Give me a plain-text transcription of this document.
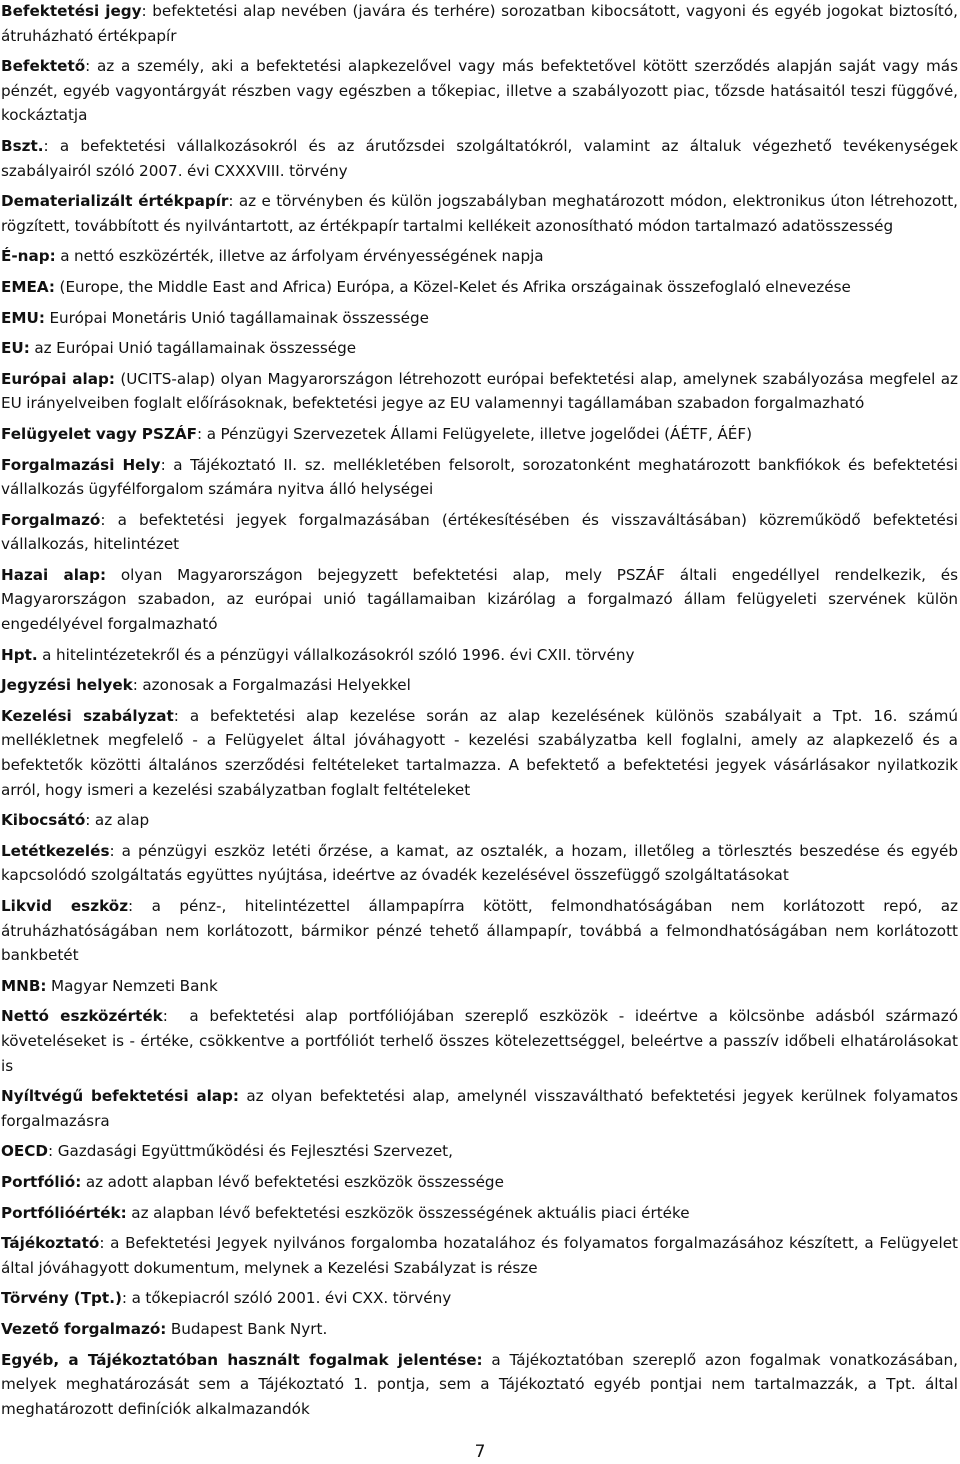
Befektetési jegy: befektetési alap nevében (javára és terhére) sorozatban kibocsátott, vagyoni és egyéb jogokat biztosító, átruházható értékpapír

Befektető: az a személy, aki a befektetési alapkezelővel vagy más befektetővel kötött szerződés alapján saját vagy más pénzét, egyéb vagyontárgyát részben vagy egészben a tőkepiac, illetve a szabályozott piac, tőzsde hatásaitól teszi függővé, kockáztatja

Bszt.: a befektetési vállalkozásokról és az árutőzsdei szolgáltatókról, valamint az általuk végezhető tevékenységek szabályairól szóló 2007. évi CXXXVIII. törvény

Dematerializált értékpapír: az e törvényben és külön jogszabályban meghatározott módon, elektronikus úton létrehozott, rögzített, továbbított és nyilvántartott, az értékpapír tartalmi kellékeit azonosítható módon tartalmazó adatösszesség

É-nap: a nettó eszközérték, illetve az árfolyam érvényességének napja

EMEA: (Europe, the Middle East and Africa) Európa, a Közel-Kelet és Afrika országainak összefoglaló elnevezése

EMU: Európai Monetáris Unió tagállamainak összessége

EU: az Európai Unió tagállamainak összessége

Európai alap: (UCITS-alap) olyan Magyarországon létrehozott európai befektetési alap, amelynek szabályozása megfelel az EU irányelveiben foglalt előírásoknak, befektetési jegye az EU valamennyi tagállamában szabadon forgalmazható

Felügyelet vagy PSZÁF: a Pénzügyi Szervezetek Állami Felügyelete, illetve jogelődei (ÁÉTF, ÁÉF)

Forgalmazási Hely: a Tájékoztató II. sz. mellékletében felsorolt, sorozatonként meghatározott bankfiókok és befektetési vállalkozás ügyfélforgalom számára nyitva álló helységei

Forgalmazó: a befektetési jegyek forgalmazásában (értékesítésében és visszaváltásában) közreműködő befektetési vállalkozás, hitelintézet

Hazai alap: olyan Magyarországon bejegyzett befektetési alap, mely PSZÁF általi engedéllyel rendelkezik, és Magyarországon szabadon, az európai unió tagállamaiban kizárólag a forgalmazó állam felügyeleti szervének külön engedélyével forgalmazható

Hpt. a hitelintézetekről és a pénzügyi vállalkozásokról szóló 1996. évi CXII. törvény

Jegyzési helyek: azonosak a Forgalmazási Helyekkel

Kezelési szabályzat: a befektetési alap kezelése során az alap kezelésének különös szabályait a Tpt. 16. számú mellékletnek megfelelő - a Felügyelet által jóváhagyott - kezelési szabályzatba kell foglalni, amely az alapkezelő és a befektetők közötti általános szerződési feltételeket tartalmazza. A befektető a befektetési jegyek vásárlásakor nyilatkozik arról, hogy ismeri a kezelési szabályzatban foglalt feltételeket

Kibocsátó: az alap

Letétkezelés: a pénzügyi eszköz letéti őrzése, a kamat, az osztalék, a hozam, illetőleg a törlesztés beszedése és egyéb kapcsolódó szolgáltatás együttes nyújtása, ideértve az óvadék kezelésével összefüggő szolgáltatásokat

Likvid eszköz: a pénz-, hitelintézettel állampapírra kötött, felmondhatóságában nem korlátozott repó, az átruházhatóságában nem korlátozott, bármikor pénzé tehető állampapír, továbbá a felmondhatóságában nem korlátozott bankbetét

MNB: Magyar Nemzeti Bank

Nettó eszközérték:  a befektetési alap portfóliójában szereplő eszközök - ideértve a kölcsönbe adásból származó követeléseket is - értéke, csökkentve a portfóliót terhelő összes kötelezettséggel, beleértve a passzív időbeli elhatárolásokat is

Nyíltvégű befektetési alap: az olyan befektetési alap, amelynél visszaváltható befektetési jegyek kerülnek folyamatos forgalmazásra

OECD: Gazdasági Együttműködési és Fejlesztési Szervezet,

Portfólió: az adott alapban lévő befektetési eszközök összessége

Portfólióérték: az alapban lévő befektetési eszközök összességének aktuális piaci értéke

Tájékoztató: a Befektetési Jegyek nyilvános forgalomba hozatalához és folyamatos forgalmazásához készített, a Felügyelet által jóváhagyott dokumentum, melynek a Kezelési Szabályzat is része

Törvény (Tpt.): a tőkepiacról szóló 2001. évi CXX. törvény

Vezető forgalmazó: Budapest Bank Nyrt.

Egyéb, a Tájékoztatóban használt fogalmak jelentése: a Tájékoztatóban szereplő azon fogalmak vonatkozásában, melyek meghatározását sem a Tájékoztató 1. pontja, sem a Tájékoztató egyéb pontjai nem tartalmazzák, a Tpt. által meghatározott definíciók alkalmazandók

7
